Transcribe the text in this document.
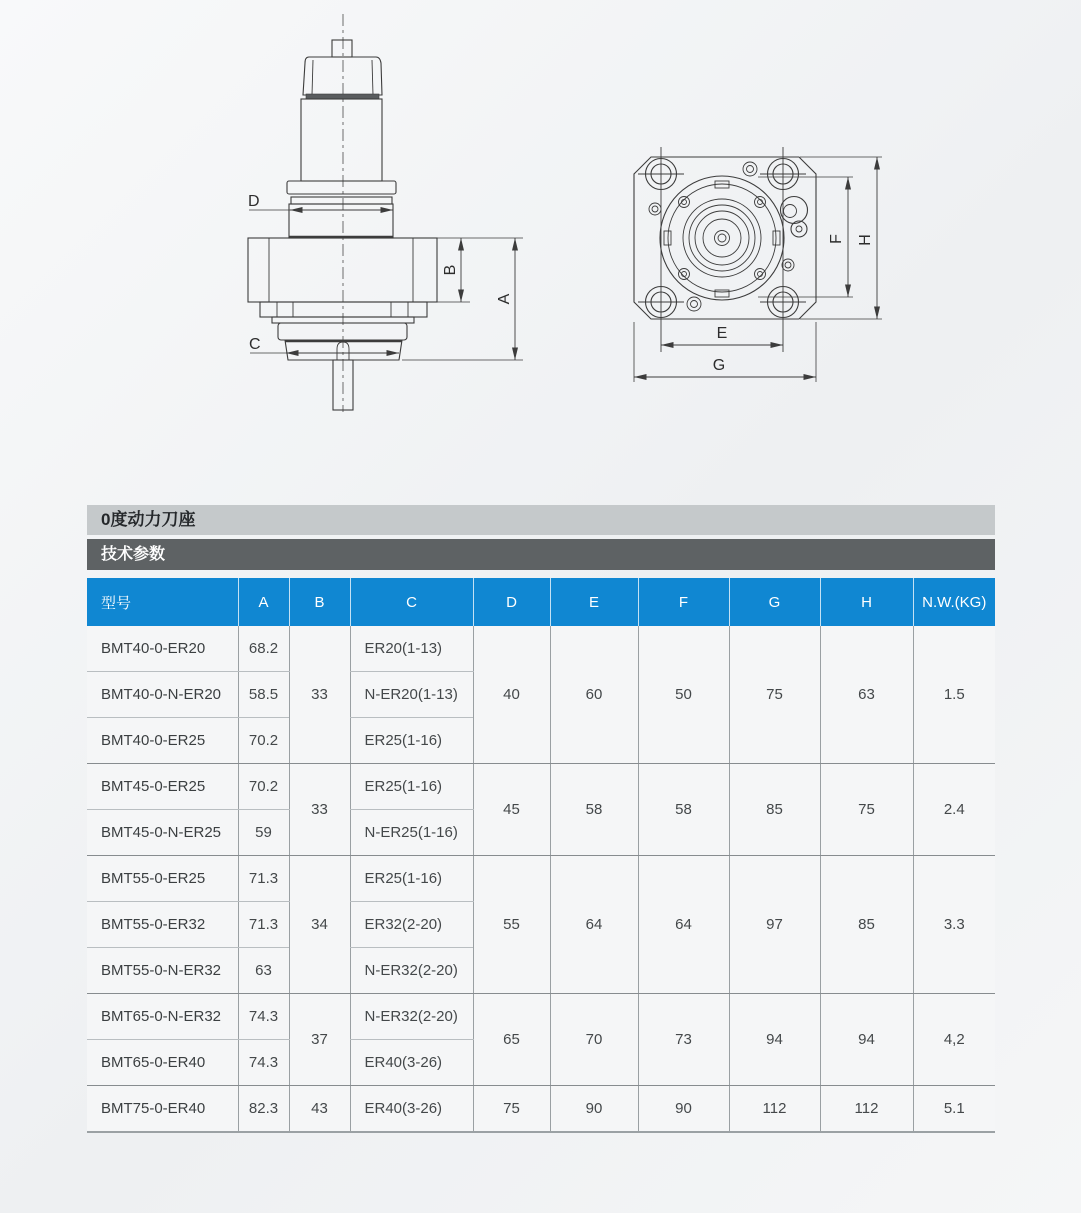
D
C
B
A
F H
E
G
0度动力刀座
技术参数
型号	A	B	C	D	E	F	G	H	N.W.(KG)
BMT40-0-ER20	68.2	33	ER20(1-13)	40	60	50	75	63	1.5
BMT40-0-N-ER20	58.5		N-ER20(1-13)						
BMT40-0-ER25	70.2		ER25(1-16)						
BMT45-0-ER25	70.2	33	ER25(1-16)	45	58	58	85	75	2.4
BMT45-0-N-ER25	59		N-ER25(1-16)						
BMT55-0-ER25	71.3	34	ER25(1-16)	55	64	64	97	85	3.3
BMT55-0-ER32	71.3		ER32(2-20)						
BMT55-0-N-ER32	63		N-ER32(2-20)						
BMT65-0-N-ER32	74.3	37	N-ER32(2-20)	65	70	73	94	94	4,2
BMT65-0-ER40	74.3		ER40(3-26)						
BMT75-0-ER40	82.3	43	ER40(3-26)	75	90	90	112	112	5.1
